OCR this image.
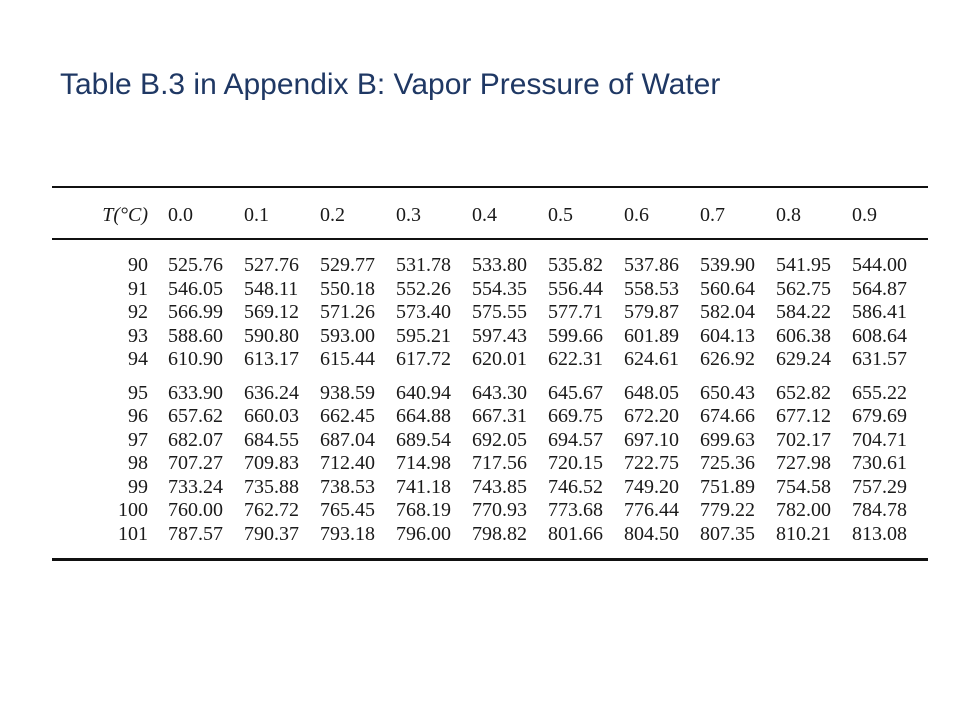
Table B.3 in Appendix B: Vapor Pressure of Water
T(°C)	0.0	0.1	0.2	0.3	0.4	0.5	0.6	0.7	0.8	0.9
90	525.76	527.76	529.77	531.78	533.80	535.82	537.86	539.90	541.95	544.00
91	546.05	548.11	550.18	552.26	554.35	556.44	558.53	560.64	562.75	564.87
92	566.99	569.12	571.26	573.40	575.55	577.71	579.87	582.04	584.22	586.41
93	588.60	590.80	593.00	595.21	597.43	599.66	601.89	604.13	606.38	608.64
94	610.90	613.17	615.44	617.72	620.01	622.31	624.61	626.92	629.24	631.57

95	633.90	636.24	938.59	640.94	643.30	645.67	648.05	650.43	652.82	655.22
96	657.62	660.03	662.45	664.88	667.31	669.75	672.20	674.66	677.12	679.69
97	682.07	684.55	687.04	689.54	692.05	694.57	697.10	699.63	702.17	704.71
98	707.27	709.83	712.40	714.98	717.56	720.15	722.75	725.36	727.98	730.61
99	733.24	735.88	738.53	741.18	743.85	746.52	749.20	751.89	754.58	757.29
100	760.00	762.72	765.45	768.19	770.93	773.68	776.44	779.22	782.00	784.78
101	787.57	790.37	793.18	796.00	798.82	801.66	804.50	807.35	810.21	813.08
